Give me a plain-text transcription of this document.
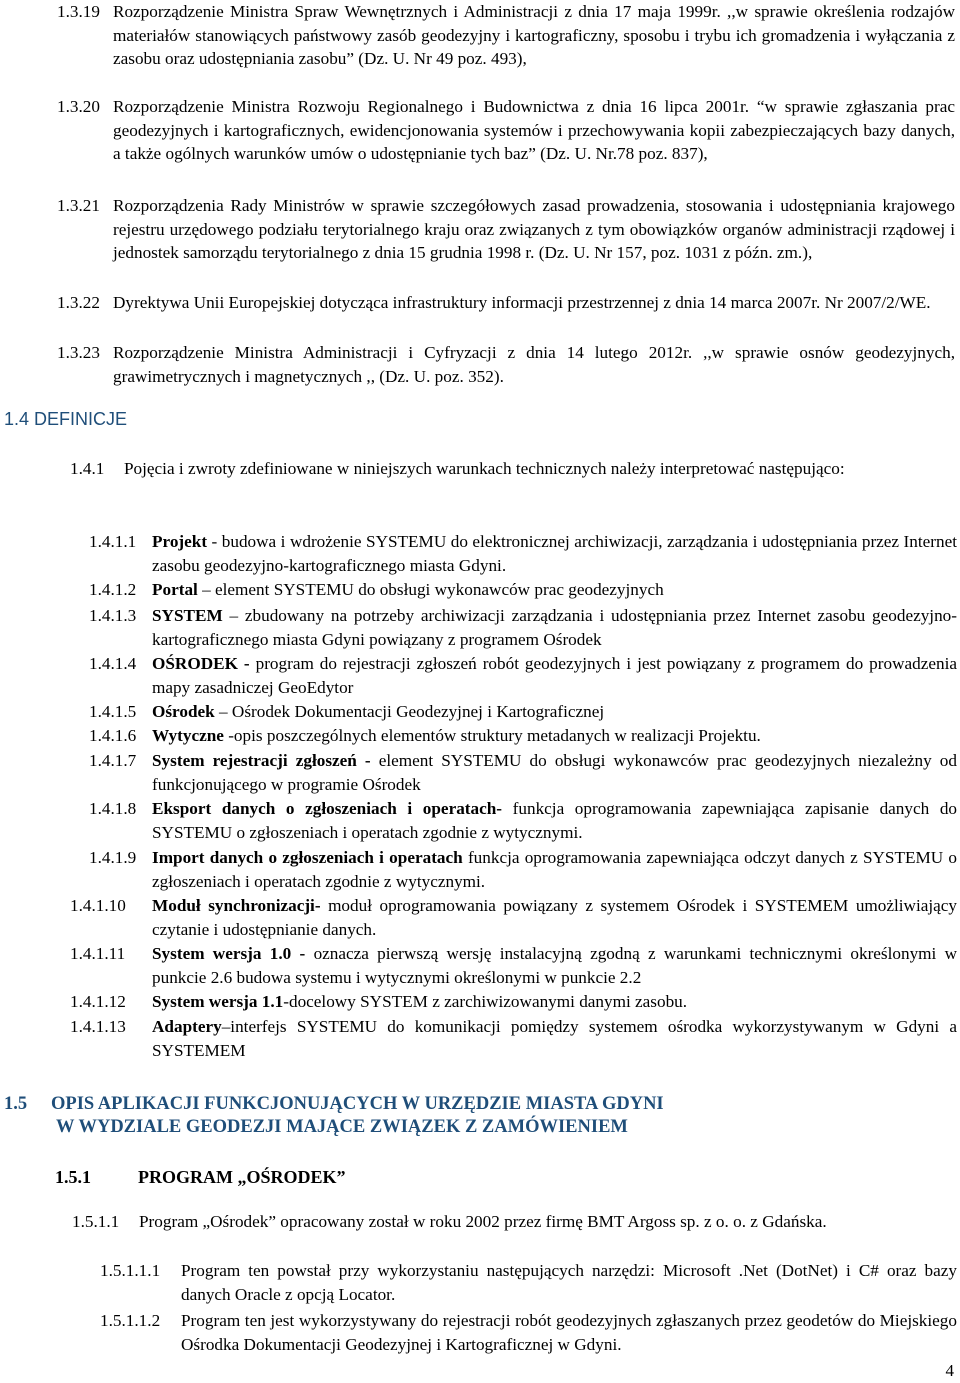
1.3.19 Rozporządzenie Ministra Spraw Wewnętrznych i Administracji z dnia 17 maja 1999r. ,,w sprawie określenia rodzajów materiałów stanowiących państwowy zasób geodezyjny i kartograficzny, sposobu i trybu ich gromadzenia i wyłączania z zasobu oraz udostępniania zasobu” (Dz. U. Nr 49 poz. 493),
1.3.20 Rozporządzenie Ministra Rozwoju Regionalnego i Budownictwa z dnia 16 lipca 2001r. “w sprawie zgłaszania prac geodezyjnych i kartograficznych, ewidencjonowania systemów i przechowywania kopii zabezpieczających bazy danych, a także ogólnych warunków umów o udostępnianie tych baz” (Dz. U. Nr.78 poz. 837),
1.3.21 Rozporządzenia Rady Ministrów w sprawie szczegółowych zasad prowadzenia, stosowania i udostępniania krajowego rejestru urzędowego podziału terytorialnego kraju oraz związanych z tym obowiązków organów administracji rządowej i jednostek samorządu terytorialnego z dnia 15 grudnia 1998 r. (Dz. U. Nr 157, poz. 1031 z późn. zm.),
1.3.22 Dyrektywa Unii Europejskiej dotycząca infrastruktury informacji przestrzennej z dnia 14 marca 2007r. Nr 2007/2/WE.
1.3.23 Rozporządzenie Ministra Administracji i Cyfryzacji z dnia 14 lutego 2012r. ,,w sprawie osnów geodezyjnych, grawimetrycznych i magnetycznych ,, (Dz. U. poz. 352).
1.4 DEFINICJE
1.4.1 Pojęcia i zwroty zdefiniowane w niniejszych warunkach technicznych należy interpretować następująco:
1.4.1.1 Projekt - budowa i wdrożenie SYSTEMU do elektronicznej archiwizacji, zarządzania i udostępniania przez Internet zasobu geodezyjno-kartograficznego miasta Gdyni.
1.4.1.2 Portal – element SYSTEMU do obsługi wykonawców prac geodezyjnych
1.4.1.3 SYSTEM – zbudowany na potrzeby archiwizacji zarządzania i udostępniania przez Internet zasobu geodezyjno- kartograficznego miasta Gdyni powiązany z programem Ośrodek
1.4.1.4 OŚRODEK - program do rejestracji zgłoszeń robót geodezyjnych i jest powiązany z programem do prowadzenia mapy zasadniczej GeoEdytor
1.4.1.5 Ośrodek – Ośrodek Dokumentacji Geodezyjnej i Kartograficznej
1.4.1.6 Wytyczne -opis poszczególnych elementów struktury metadanych w realizacji Projektu.
1.4.1.7 System rejestracji zgłoszeń - element SYSTEMU do obsługi wykonawców prac geodezyjnych niezależny od funkcjonującego w programie Ośrodek
1.4.1.8 Eksport danych o zgłoszeniach i operatach- funkcja oprogramowania zapewniająca zapisanie danych do SYSTEMU o zgłoszeniach i operatach zgodnie z wytycznymi.
1.4.1.9 Import danych o zgłoszeniach i operatach funkcja oprogramowania zapewniająca odczyt danych z SYSTEMU o zgłoszeniach i operatach zgodnie z wytycznymi.
1.4.1.10 Moduł synchronizacji- moduł oprogramowania powiązany z systemem Ośrodek i SYSTEMEM umożliwiający czytanie i udostępnianie danych.
1.4.1.11 System wersja 1.0 - oznacza pierwszą wersję instalacyjną zgodną z warunkami technicznymi określonymi w punkcie 2.6 budowa systemu i wytycznymi określonymi w punkcie 2.2
1.4.1.12 System wersja 1.1-docelowy SYSTEM z zarchiwizowanymi danymi zasobu.
1.4.1.13 Adaptery–interfejs SYSTEMU do komunikacji pomiędzy systemem ośrodka wykorzystywanym w Gdyni a SYSTEMEM
1.5 OPIS APLIKACJI FUNKCJONUJĄCYCH W URZĘDZIE MIASTA GDYNI
W WYDZIALE GEODEZJI MAJĄCE ZWIĄZEK Z ZAMÓWIENIEM
1.5.1	PROGRAM „OŚRODEK”
1.5.1.1 Program „Ośrodek” opracowany został w roku 2002 przez firmę BMT Argoss sp. z o. o. z Gdańska.
1.5.1.1.1 Program ten powstał przy wykorzystaniu następujących narzędzi: Microsoft .Net (DotNet) i C# oraz bazy danych Oracle z opcją Locator.
1.5.1.1.2 Program ten jest wykorzystywany do rejestracji robót geodezyjnych zgłaszanych przez geodetów do Miejskiego Ośrodka Dokumentacji Geodezyjnej i Kartograficznej w Gdyni.
4
